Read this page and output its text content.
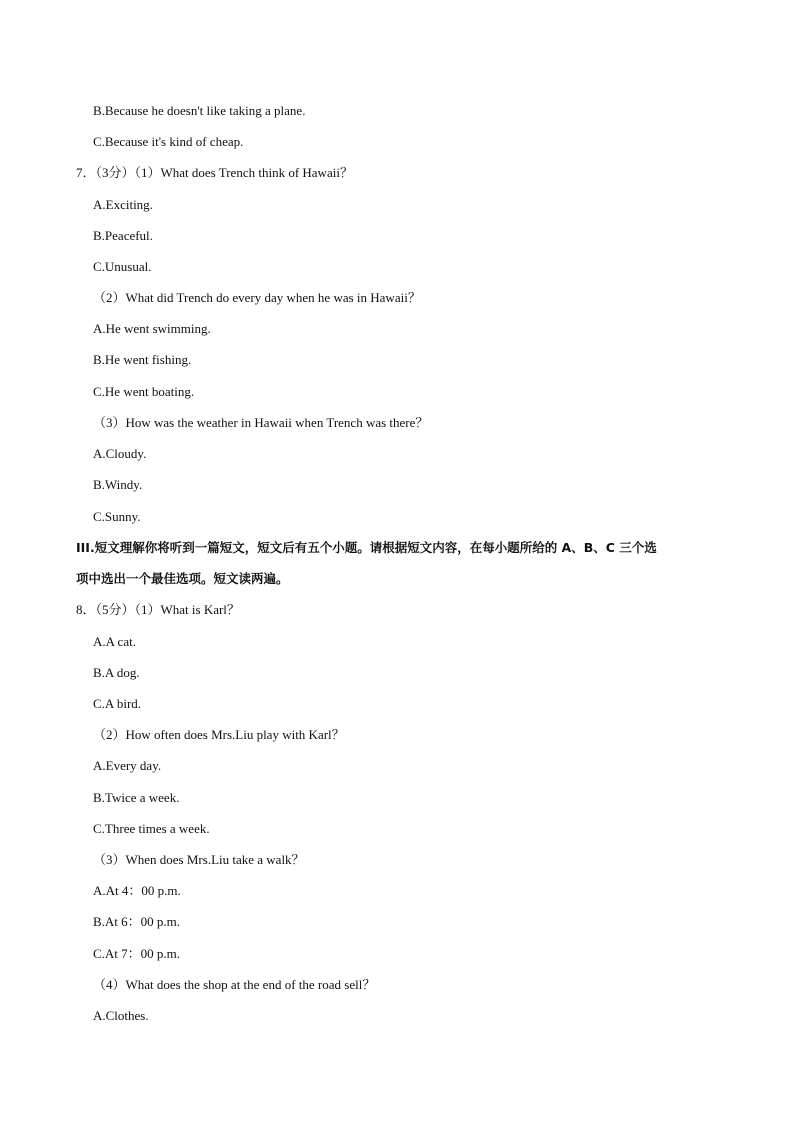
B.Because he doesn't like taking a plane.
C.Because it's kind of cheap.
7．（3分）（1）What does Trench think of Hawaii？
A.Exciting.
B.Peaceful.
C.Unusual.
（2）What did Trench do every day when he was in Hawaii？
A.He went swimming.
B.He went fishing.
C.He went boating.
（3）How was the weather in Hawaii when Trench was there？
A.Cloudy.
B.Windy.
C.Sunny.
III.短文理解你将听到一篇短文，短文后有五个小题。请根据短文内容，在每小题所给的 A、B、C 三个选
项中选出一个最佳选项。短文读两遍。
8．（5分）（1）What is Karl？
A.A cat.
B.A dog.
C.A bird.
（2）How often does Mrs.Liu play with Karl？
A.Every day.
B.Twice a week.
C.Three times a week.
（3）When does Mrs.Liu take a walk？
A.At 4：00 p.m.
B.At 6：00 p.m.
C.At 7：00 p.m.
（4）What does the shop at the end of the road sell？
A.Clothes.
